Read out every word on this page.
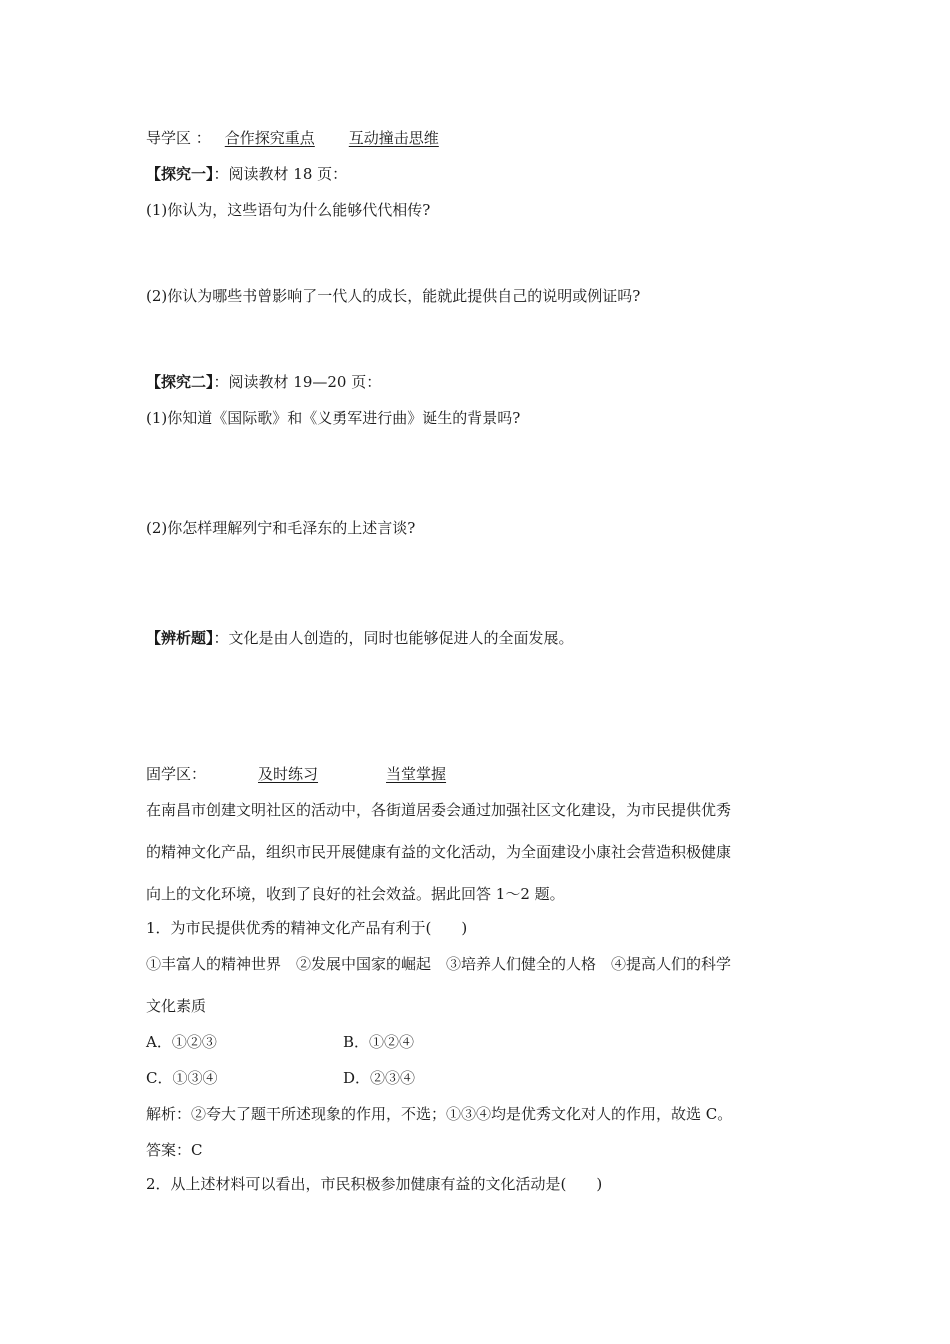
导学区 ： 合作探究重点 互动撞击思维
【探究一】：阅读教材 18 页：
(1)你认为，这些语句为什么能够代代相传?
(2)你认为哪些书曾影响了一代人的成长，能就此提供自己的说明或例证吗?
【探究二】：阅读教材 19—20 页：
(1)你知道《国际歌》和《义勇军进行曲》诞生的背景吗?
(2)你怎样理解列宁和毛泽东的上述言谈?
【辨析题】：文化是由人创造的，同时也能够促进人的全面发展。
固学区：	及时练习	当堂掌握
在南昌市创建文明社区的活动中，各街道居委会通过加强社区文化建设，为市民提供优秀
的精神文化产品，组织市民开展健康有益的文化活动，为全面建设小康社会营造积极健康
向上的文化环境，收到了良好的社会效益。据此回答 1～2 题。
1．为市民提供优秀的精神文化产品有利于(　　)
①丰富人的精神世界　②发展中国家的崛起　③培养人们健全的人格　④提高人们的科学
文化素质
A．①②③	B．①②④
C．①③④	D．②③④
解析：②夸大了题干所述现象的作用，不选；①③④均是优秀文化对人的作用，故选 C。
答案：C
2．从上述材料可以看出，市民积极参加健康有益的文化活动是(　　)
